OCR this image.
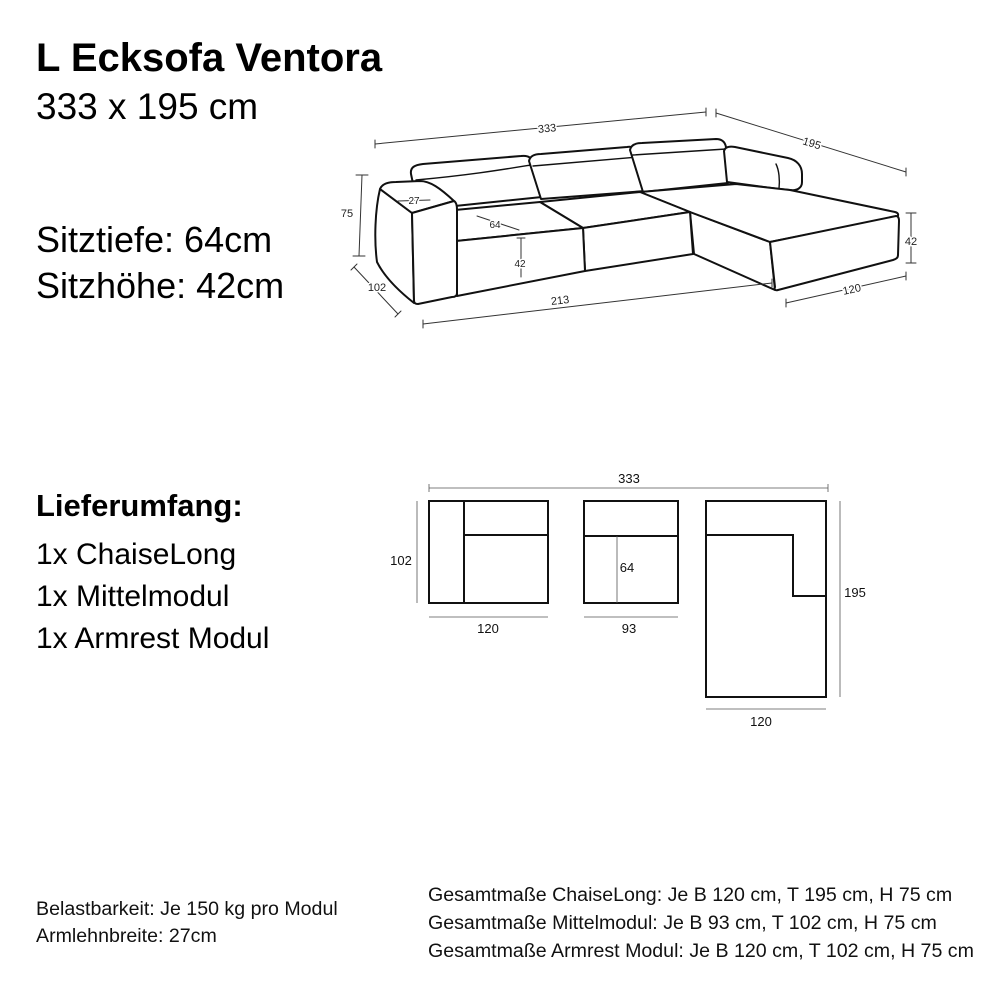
L Ecksofa Ventora
333 x 195 cm
Sitztiefe: 64cm
Sitzhöhe: 42cm
333
195
75
102
213
120
42
27
64
42
Lieferumfang:
1x ChaiseLong
1x Mittelmodul
1x Armrest Modul
333
102
120
64
93
195
120
Belastbarkeit: Je 150 kg pro Modul
Armlehnbreite: 27cm
Gesamtmaße ChaiseLong: Je B 120 cm, T 195 cm, H 75 cm
Gesamtmaße Mittelmodul: Je B 93 cm, T 102 cm, H 75 cm
Gesamtmaße Armrest Modul: Je B 120 cm, T 102 cm, H 75 cm
